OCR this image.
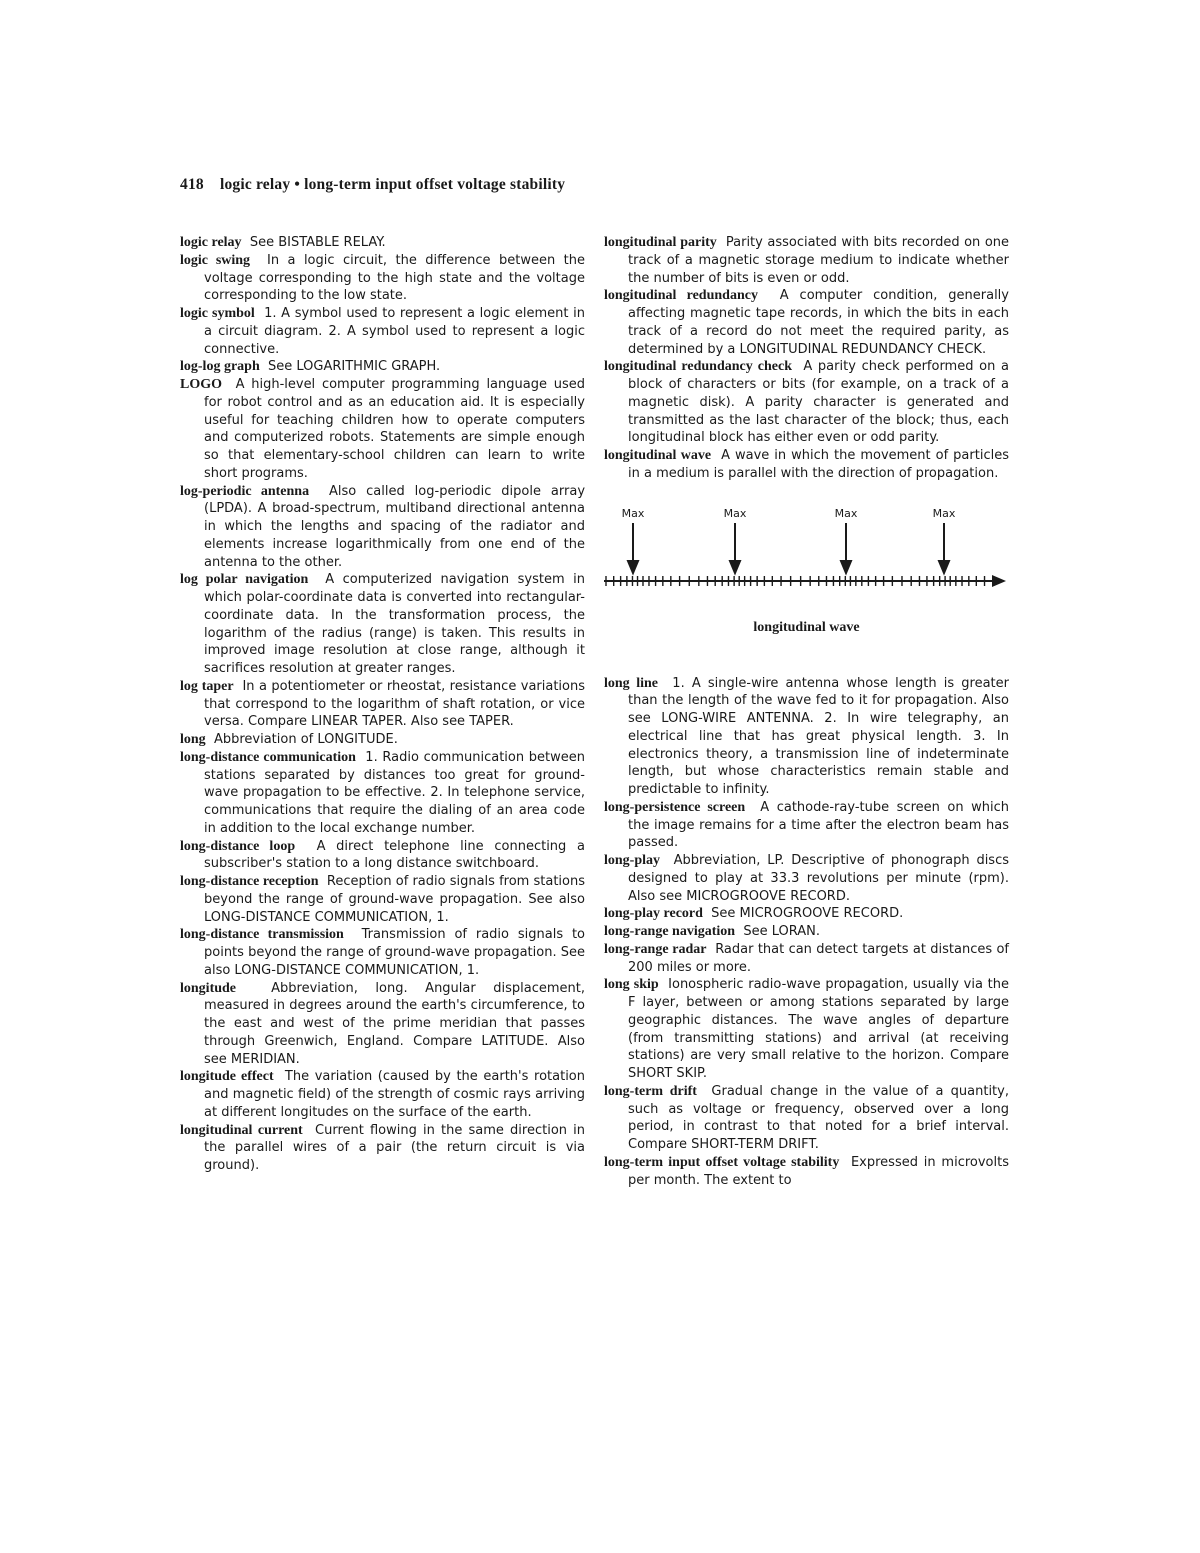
418 logic relay • long-term input offset voltage stability

logic relay See BISTABLE RELAY.

logic swing In a logic circuit, the difference between the voltage corresponding to the high state and the voltage corresponding to the low state.

logic symbol 1. A symbol used to represent a logic element in a circuit diagram. 2. A symbol used to represent a logic connective.

log-log graph See LOGARITHMIC GRAPH.

LOGO A high-level computer programming language used for robot control and as an education aid. It is especially useful for teaching children how to operate computers and computerized robots. Statements are simple enough so that elementary-school children can learn to write short programs.

log-periodic antenna Also called log-periodic dipole array (LPDA). A broad-spectrum, multiband directional antenna in which the lengths and spacing of the radiator and elements increase logarithmically from one end of the antenna to the other.

log polar navigation A computerized navigation system in which polar-coordinate data is converted into rectangular-coordinate data. In the transformation process, the logarithm of the radius (range) is taken. This results in improved image resolution at close range, although it sacrifices resolution at greater ranges.

log taper In a potentiometer or rheostat, resistance variations that correspond to the logarithm of shaft rotation, or vice versa. Compare LINEAR TAPER. Also see TAPER.

long Abbreviation of LONGITUDE.

long-distance communication 1. Radio communication between stations separated by distances too great for ground-wave propagation to be effective. 2. In telephone service, communications that require the dialing of an area code in addition to the local exchange number.

long-distance loop A direct telephone line connecting a subscriber's station to a long distance switchboard.

long-distance reception Reception of radio signals from stations beyond the range of ground-wave propagation. See also LONG-DISTANCE COMMUNICATION, 1.

long-distance transmission Transmission of radio signals to points beyond the range of ground-wave propagation. See also LONG-DISTANCE COMMUNICATION, 1.

longitude	Abbreviation, long. Angular displacement, measured in degrees around the earth's circumference, to the east and west of the prime meridian that passes through Greenwich, England. Compare LATITUDE. Also see MERIDIAN.

longitude effect The variation (caused by the earth's rotation and magnetic field) of the strength of cosmic rays arriving at different longitudes on the surface of the earth.

longitudinal current Current flowing in the same direction in the parallel wires of a pair (the return circuit is via ground).

longitudinal parity Parity associated with bits recorded on one track of a magnetic storage medium to indicate whether the number of bits is even or odd.

longitudinal redundancy A computer condition, generally affecting magnetic tape records, in which the bits in each track of a record do not meet the required parity, as determined by a LONGITUDINAL REDUNDANCY CHECK.

longitudinal redundancy check A parity check performed on a block of characters or bits (for example, on a track of a magnetic disk). A parity character is generated and transmitted as the last character of the block; thus, each longitudinal block has either even or odd parity.

longitudinal wave A wave in which the movement of particles in a medium is parallel with the direction of propagation.

Max	Max	Max	Max
longitudinal wave

long line 1. A single-wire antenna whose length is greater than the length of the wave fed to it for propagation. Also see LONG-WIRE ANTENNA. 2. In wire telegraphy, an electrical line that has great physical length. 3. In electronics theory, a transmission line of indeterminate length, but whose characteristics remain stable and predictable to infinity.

long-persistence screen A cathode-ray-tube screen on which the image remains for a time after the electron beam has passed.

long-play Abbreviation, LP. Descriptive of phonograph discs designed to play at 33.3 revolutions per minute (rpm). Also see MICROGROOVE RECORD.

long-play record See MICROGROOVE RECORD.

long-range navigation See LORAN.

long-range radar Radar that can detect targets at distances of 200 miles or more.

long skip Ionospheric radio-wave propagation, usually via the F layer, between or among stations separated by large geographic distances. The wave angles of departure (from transmitting stations) and arrival (at receiving stations) are very small relative to the horizon. Compare SHORT SKIP.

long-term drift Gradual change in the value of a quantity, such as voltage or frequency, observed over a long period, in contrast to that noted for a brief interval. Compare SHORT-TERM DRIFT.

long-term input offset voltage stability Expressed in microvolts per month. The extent to
